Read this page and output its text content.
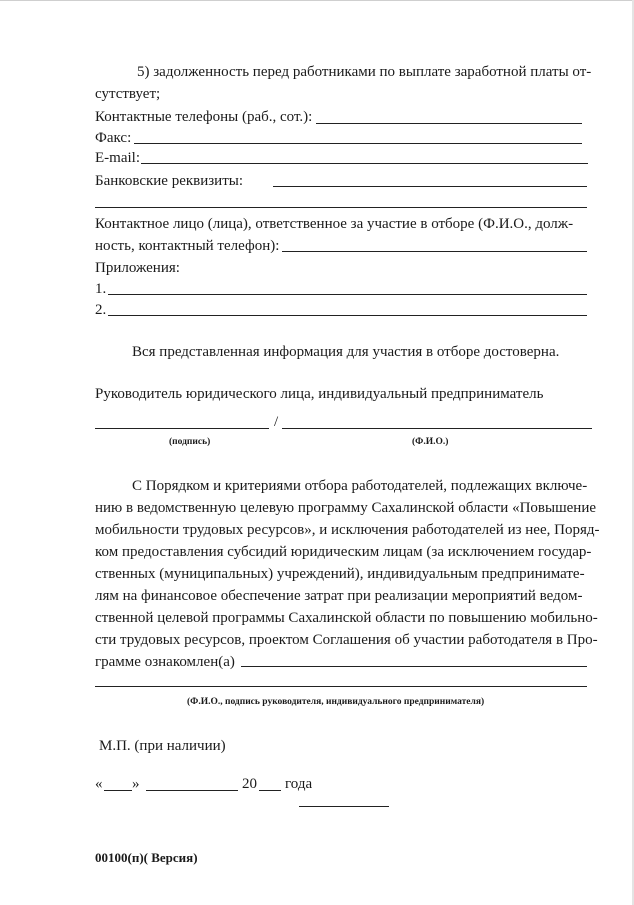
5) задолженность перед работниками по выплате заработной платы от-
сутствует;
Контактные телефоны (раб., сот.):
Факс:
E-mail:
Банковские реквизиты:
Контактное лицо (лица), ответственное за участие в отборе (Ф.И.О., долж-
ность, контактный телефон):
Приложения:
1.
2.
Вся представленная информация для участия в отборе достоверна.
Руководитель юридического лица, индивидуальный предприниматель
/
(подпись)	(Ф.И.О.)
С Порядком и критериями отбора работодателей, подлежащих включе-
нию в ведомственную целевую программу Сахалинской области «Повышение
мобильности трудовых ресурсов», и исключения работодателей из нее, Поряд-
ком предоставления субсидий юридическим лицам (за исключением государ-
ственных (муниципальных) учреждений), индивидуальным предпринимате-
лям на финансовое обеспечение затрат при реализации мероприятий ведом-
ственной целевой программы Сахалинской области по повышению мобильно-
сти трудовых ресурсов, проектом Соглашения об участии работодателя в Про-
грамме ознакомлен(а)
(Ф.И.О., подпись руководителя, индивидуального предпринимателя)
М.П. (при наличии)
« »	20 года
00100(п)( Версия)
